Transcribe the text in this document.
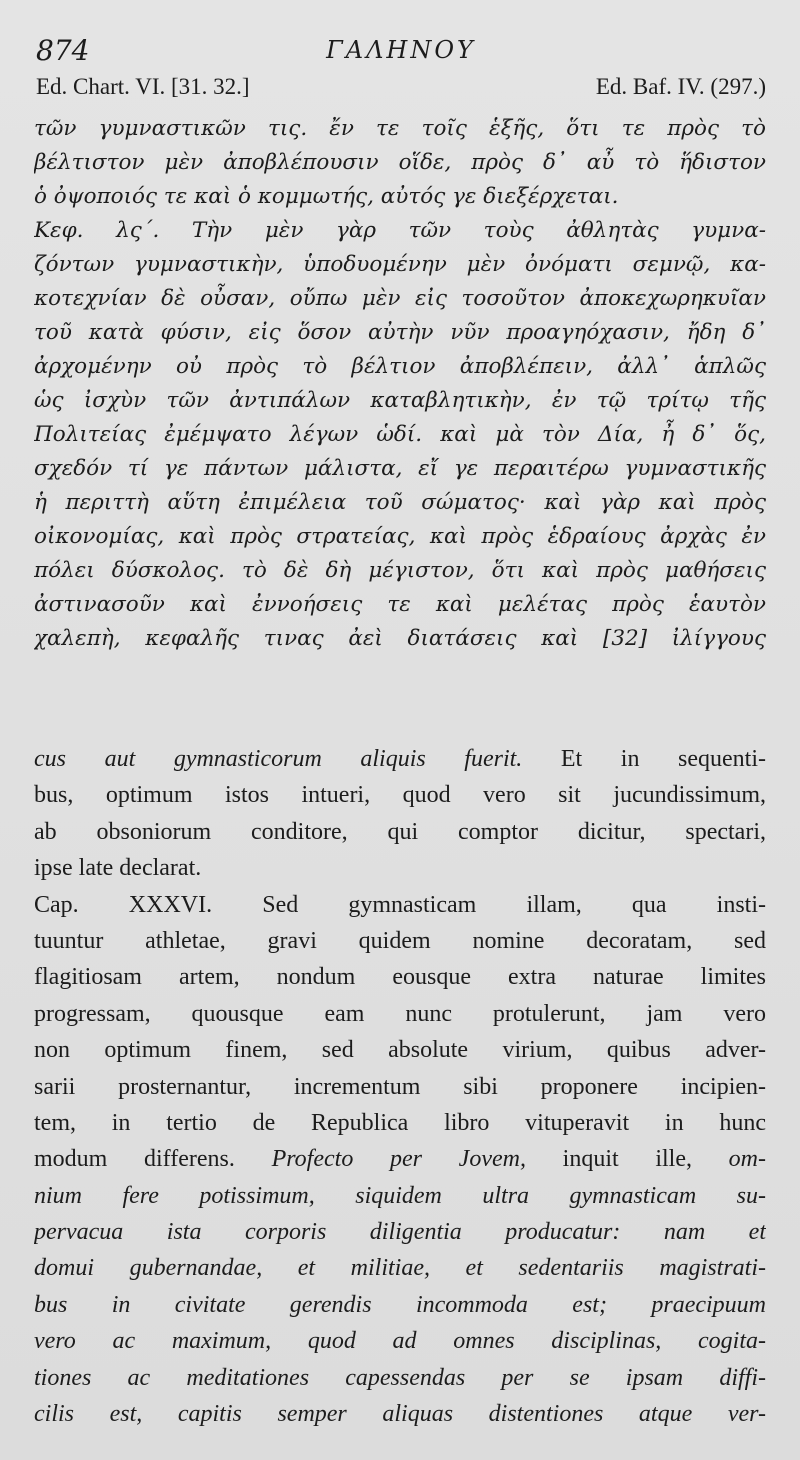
874	ΓΑΛΗΝΟΥ
Ed. Chart. VI. [31. 32.]	Ed. Baf. IV. (297.)
τῶν γυμναστικῶν τις. ἔν τε τοῖς ἑξῆς, ὅτι τε πρὸς τὸ
βέλτιστον μὲν ἀποβλέπουσιν οἵδε, πρὸς δ᾽ αὖ τὸ ἥδιστον
ὁ ὀψοποιός τε καὶ ὁ κομμωτής, αὐτός γε διεξέρχεται.
Κεφ. λς΄. Τὴν μὲν γὰρ τῶν τοὺς ἀθλητὰς γυμνα-
ζόντων γυμναστικὴν, ὑποδυομένην μὲν ὀνόματι σεμνῷ, κα-
κοτεχνίαν δὲ οὖσαν, οὔπω μὲν εἰς τοσοῦτον ἀποκεχωρηκυῖαν
τοῦ κατὰ φύσιν, εἰς ὅσον αὐτὴν νῦν προαγηόχασιν, ἤδη δ᾽
ἀρχομένην οὐ πρὸς τὸ βέλτιον ἀποβλέπειν, ἀλλ᾽ ἁπλῶς
ὡς ἰσχὺν τῶν ἀντιπάλων καταβλητικὴν, ἐν τῷ τρίτῳ τῆς
Πολιτείας ἐμέμψατο λέγων ὡδί. καὶ μὰ τὸν Δία, ἦ δ᾽ ὅς,
σχεδόν τί γε πάντων μάλιστα, εἴ γε περαιτέρω γυμναστικῆς
ἡ περιττὴ αὕτη ἐπιμέλεια τοῦ σώματος· καὶ γὰρ καὶ πρὸς
οἰκονομίας, καὶ πρὸς στρατείας, καὶ πρὸς ἑδραίους ἀρχὰς ἐν
πόλει δύσκολος. τὸ δὲ δὴ μέγιστον, ὅτι καὶ πρὸς μαθήσεις
ἀστινασοῦν καὶ ἐννοήσεις τε καὶ μελέτας πρὸς ἑαυτὸν
χαλεπὴ, κεφαλῆς τινας ἀεὶ διατάσεις καὶ [32] ἰλίγγους
cus aut gymnasticorum aliquis fuerit. Et in sequenti-
bus, optimum istos intueri, quod vero sit jucundissimum,
ab obsoniorum conditore, qui comptor dicitur, spectari,
ipse late declarat.
Cap. XXXVI. Sed gymnasticam illam, qua insti-
tuuntur athletae, gravi quidem nomine decoratam, sed
flagitiosam artem, nondum eousque extra naturae limites
progressam, quousque eam nunc protulerunt, jam vero
non optimum finem, sed absolute virium, quibus adver-
sarii prosternantur, incrementum sibi proponere incipien-
tem, in tertio de Republica libro vituperavit in hunc
modum differens. Profecto per Jovem, inquit ille, om-
nium fere potissimum, siquidem ultra gymnasticam su-
pervacua ista corporis diligentia producatur: nam et
domui gubernandae, et militiae, et sedentariis magistrati-
bus in civitate gerendis incommoda est; praecipuum
vero ac maximum, quod ad omnes disciplinas, cogita-
tiones ac meditationes capessendas per se ipsam diffi-
cilis est, capitis semper aliquas distentiones atque ver-
